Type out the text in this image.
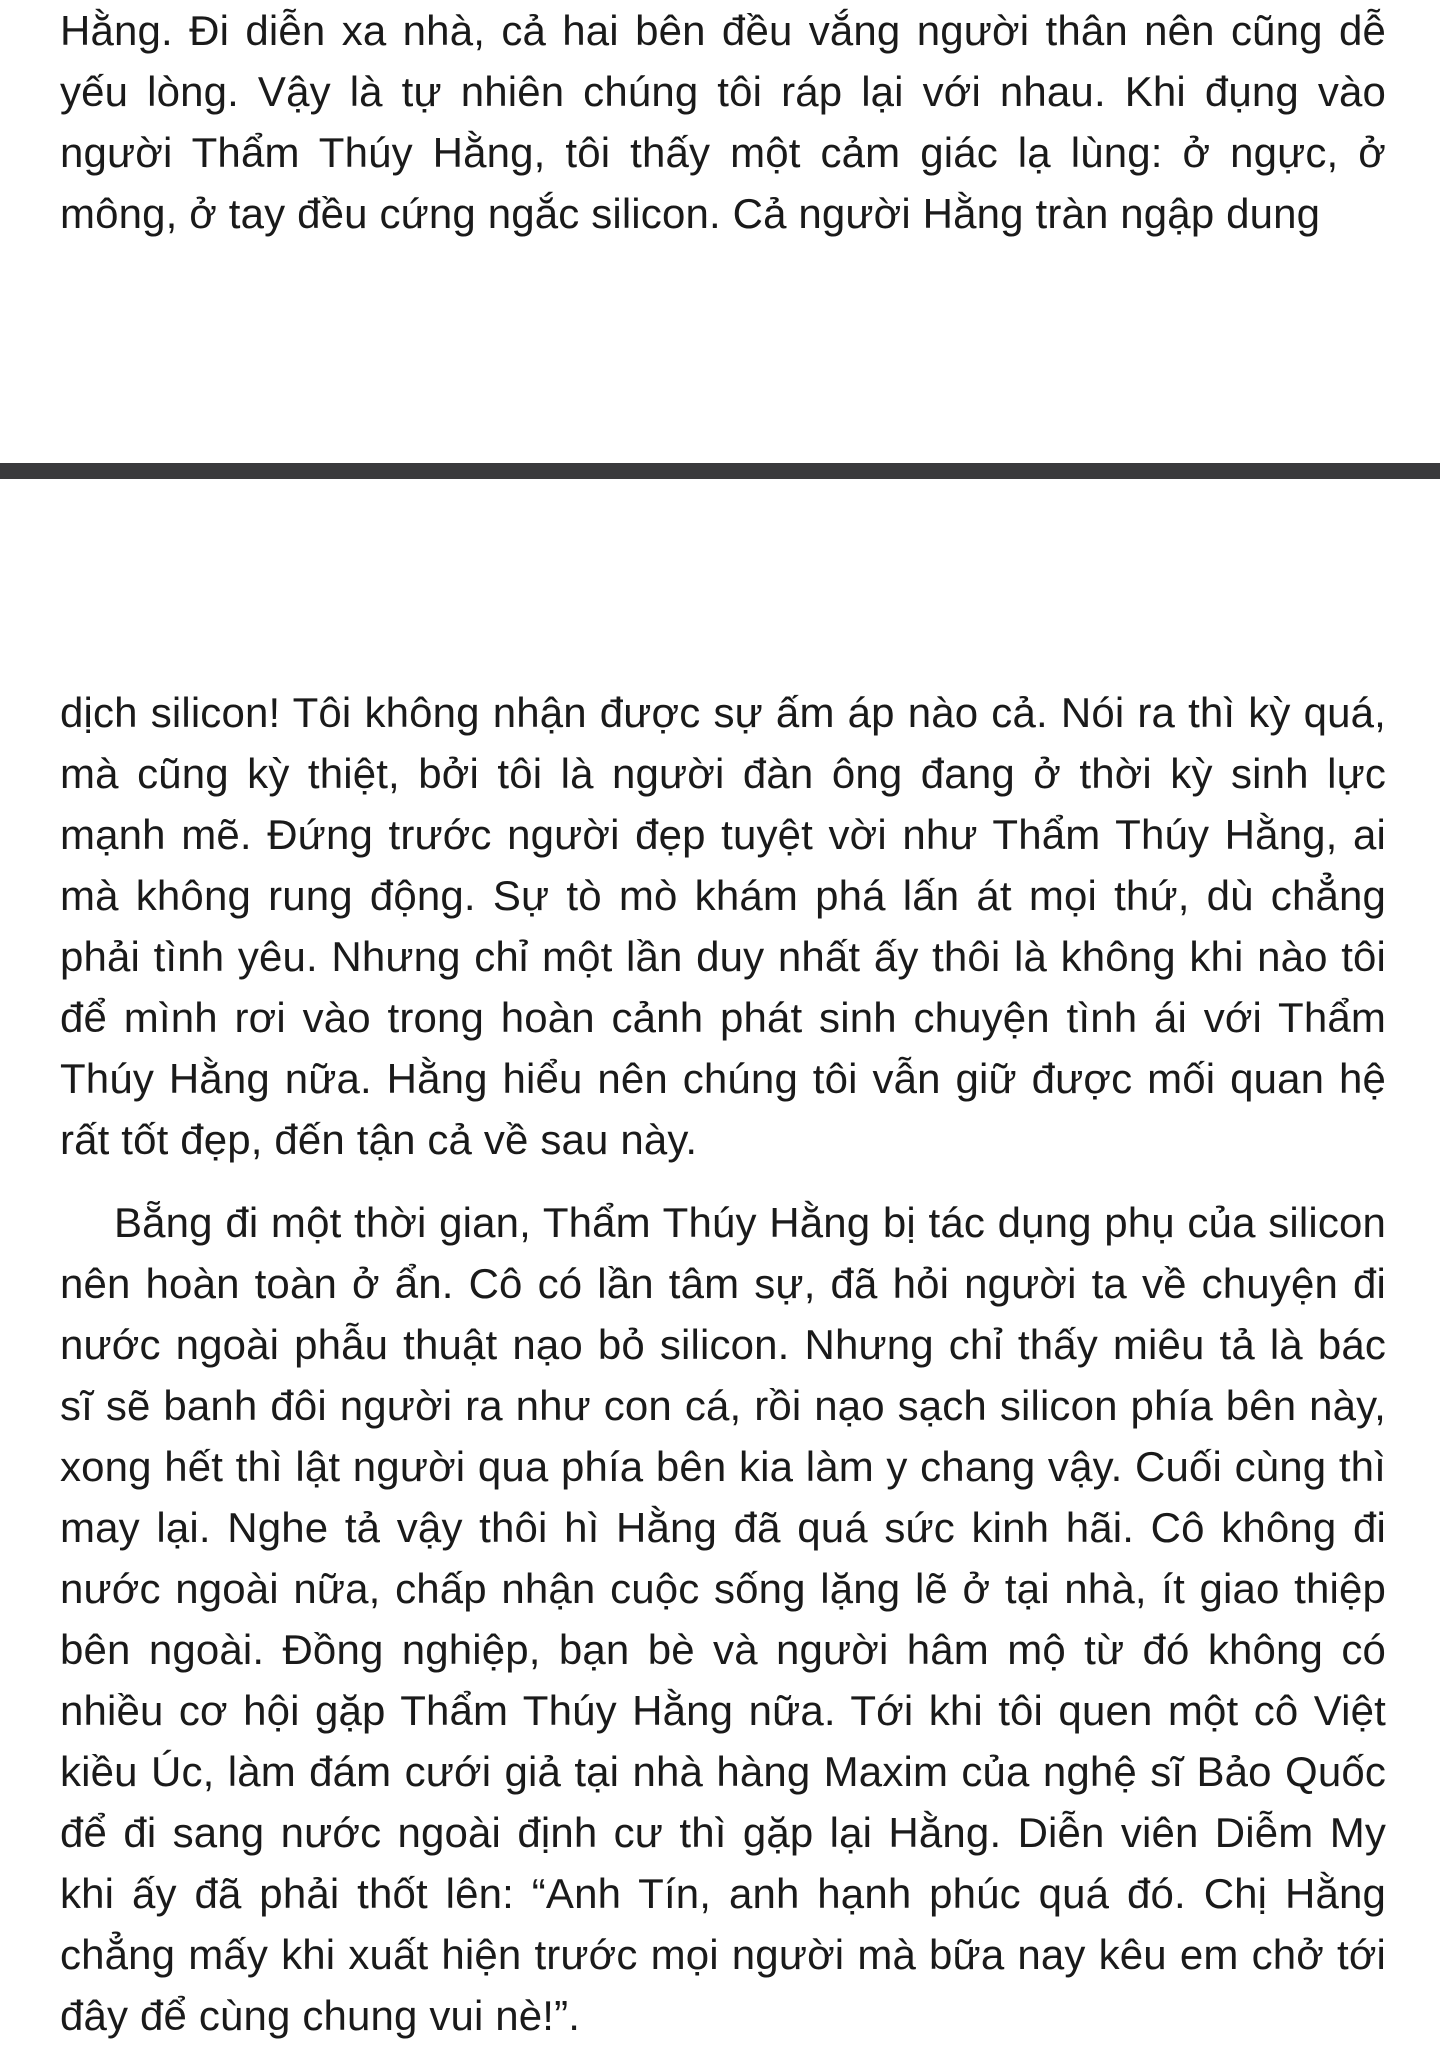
Hằng. Đi diễn xa nhà, cả hai bên đều vắng người thân nên cũng dễ yếu lòng. Vậy là tự nhiên chúng tôi ráp lại với nhau. Khi đụng vào người Thẩm Thúy Hằng, tôi thấy một cảm giác lạ lùng: ở ngực, ở mông, ở tay đều cứng ngắc silicon. Cả người Hằng tràn ngập dung

dịch silicon! Tôi không nhận được sự ấm áp nào cả. Nói ra thì kỳ quá, mà cũng kỳ thiệt, bởi tôi là người đàn ông đang ở thời kỳ sinh lực mạnh mẽ. Đứng trước người đẹp tuyệt vời như Thẩm Thúy Hằng, ai mà không rung động. Sự tò mò khám phá lấn át mọi thứ, dù chẳng phải tình yêu. Nhưng chỉ một lần duy nhất ấy thôi là không khi nào tôi để mình rơi vào trong hoàn cảnh phát sinh chuyện tình ái với Thẩm Thúy Hằng nữa. Hằng hiểu nên chúng tôi vẫn giữ được mối quan hệ rất tốt đẹp, đến tận cả về sau này.

Bẵng đi một thời gian, Thẩm Thúy Hằng bị tác dụng phụ của silicon nên hoàn toàn ở ẩn. Cô có lần tâm sự, đã hỏi người ta về chuyện đi nước ngoài phẫu thuật nạo bỏ silicon. Nhưng chỉ thấy miêu tả là bác sĩ sẽ banh đôi người ra như con cá, rồi nạo sạch silicon phía bên này, xong hết thì lật người qua phía bên kia làm y chang vậy. Cuối cùng thì may lại. Nghe tả vậy thôi hì Hằng đã quá sức kinh hãi. Cô không đi nước ngoài nữa, chấp nhận cuộc sống lặng lẽ ở tại nhà, ít giao thiệp bên ngoài. Đồng nghiệp, bạn bè và người hâm mộ từ đó không có nhiều cơ hội gặp Thẩm Thúy Hằng nữa. Tới khi tôi quen một cô Việt kiều Úc, làm đám cưới giả tại nhà hàng Maxim của nghệ sĩ Bảo Quốc để đi sang nước ngoài định cư thì gặp lại Hằng. Diễn viên Diễm My khi ấy đã phải thốt lên: “Anh Tín, anh hạnh phúc quá đó. Chị Hằng chẳng mấy khi xuất hiện trước mọi người mà bữa nay kêu em chở tới đây để cùng chung vui nè!”.
